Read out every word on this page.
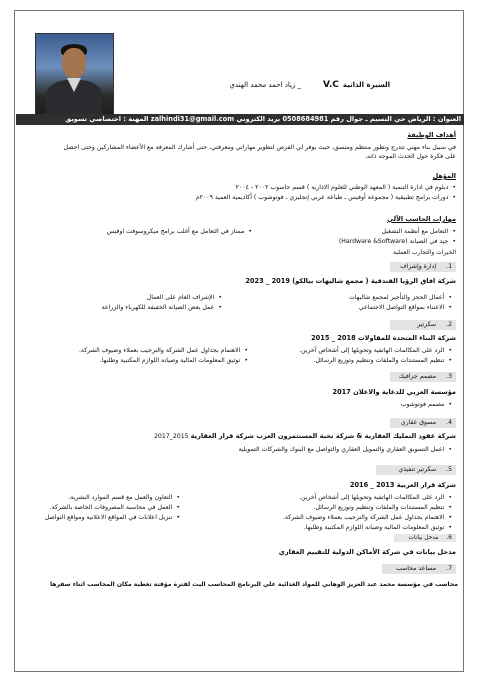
السيرة الذاتيةV.C_ زياد احمد محمد الهندي
العنوان : الرياض حي النسيم ـ جوال رقم 0508684981 بريد الكتروني zalhindi31@gmail.com المهنة : اختصاصي تسويق
أهداف الوظيفة
في سبيل بناء مهني تتدرج وتطور منتظم ومتسق، حيث يوفر لي الفرص لتطوير مهاراتي ومعرفتي، حتى أشارك المعرفة مع الأعضاء المشاركين وحتى احصل
على فكرة حول الحدث الموجه ذاته.
المؤهل
• دبلوم في ادارة التنمية ( المعهد الوطني للعلوم الادارية ) قسم حاسوب ٢٠٠٢ - ٢٠٠٤
• دورات برامج تطبيقية ( مجموعة أوفيس ـ طباعة عربي إنجليزي ـ فوتوشوب ) أكاديمية العميد ٢٠٠٩م
مهارات الحاسب الآلي
• التعامل مع أنظمة التشغيل
• جيد في الصيانة (Hardware &Software)
• ممتاز في التعامل مع أغلب برامج ميكروسوفت اوفيس
الخبرات والتجارب العملية
1.إدارة وإشراف
شركة افاق الرؤيا الفندقية ( مجمع شاليهات بيالكو) 2019 _ 2023
• أعمال الحجز والتأجير لمجمع شاليهات
• الاعتناء بمواقع التواصل الاجتماعي
• الإشراف العام على العمال
• عمل بعض الصيانة الخفيفة للكهرباء والزراعة
2.سكرتير
شركة البناء المتحدة للمقاولات 2018 _ 2015
• الرد على المكالمات الهاتفية وتحويلها إلى أشخاص آخرين.
• تنظيم المستندات والملفات وتنظيم وتوزيع الرسائل.
• الاهتمام بجداول عمل الشركة والترحيب بعملاء وضيوف الشركة.
• توثيق المعلومات المالية وصيانة اللوازم المكتبية وطلبها.
3.مصمم جرافيك
مؤسسة العربي للدعاية والاعلان 2017
• مصمم فوتوشوب
4.مسوق عقاري
شركة عقود التمليك العقارية & شركة نخبة المستثمرون العرب شركة قرار العقارية
2017_2015
• اعمل التسويق العقاري والتمويل العقاري والتواصل مع البنوك والشركات التمويلية
5.سكرتير تنفيذي
شركة قرار العربية 2013 _ 2016
• الرد على المكالمات الهاتفية وتحويلها إلى أشخاص آخرين.
• تنظيم المستندات والملفات وتنظيم وتوزيع الرسائل.
• الاهتمام بجداول عمل الشركة والترحيب بعملاء وضيوف الشركة.
• توثيق المعلومات المالية وصيانة اللوازم المكتبية وطلبها.
• التعاون والعمل مع قسم الموارد البشرية.
• العمل في محاسبة المصروفات الخاصة بالشركة.
• تنزيل اعلانات في المواقع الاعلانية ومواقع التواصل
6.مدخل بيانات
مدخل بيانات في شركة الأماكن الدولية للتقييم العقاري
7.مساعد محاسب
محاسب في مؤسسة محمد عبد العزيز الوهابي للمواد الغذائية علي البرنامج المحاسب اليت لفترة مؤقتة تغطية مكان المحاسب اثناء سفرها
